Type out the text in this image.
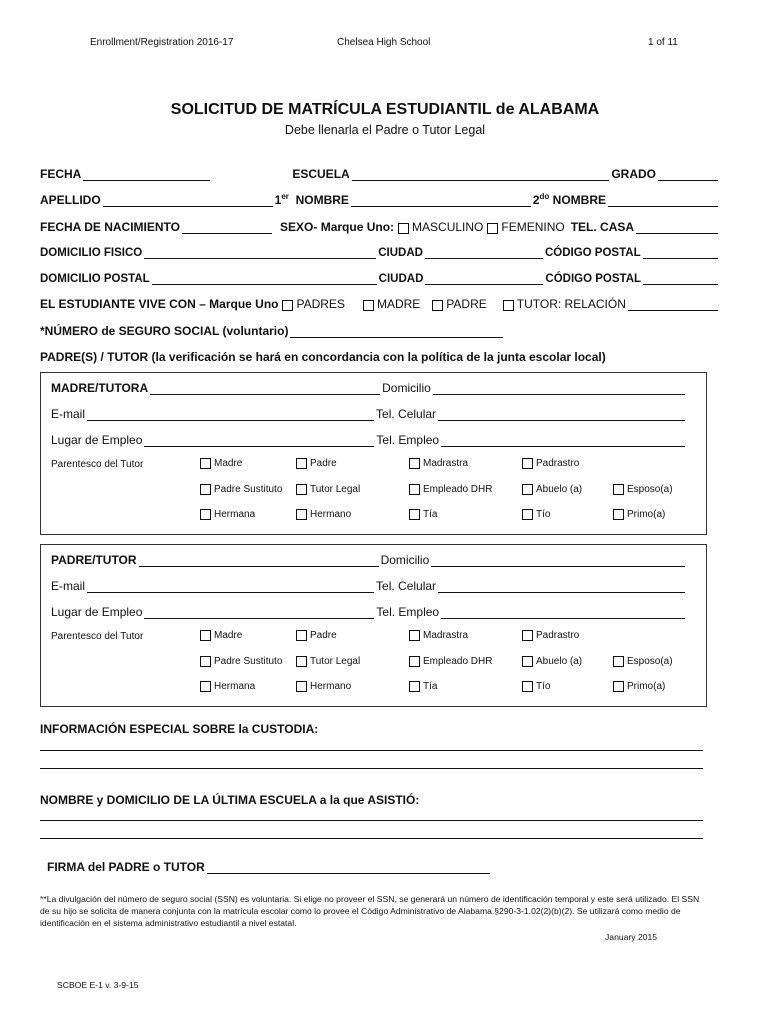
Enrollment/Registration 2016-17	Chelsea High School	1 of 11
SOLICITUD DE MATRÍCULA ESTUDIANTIL de ALABAMA
Debe llenarla el Padre o Tutor Legal
FECHA	ESCUELA	GRADO
APELLIDO	1er NOMBRE	$2^{do}$ NOMBRE
FECHA DE NACIMIENTO	SEXO- Marque Uno: MASCULINO FEMENINO TEL. CASA
DOMICILIO FISICO	CIUDAD	CÓDIGO POSTAL
DOMICILIO POSTAL	CIUDAD	CÓDIGO POSTAL
EL ESTUDIANTE VIVE CON – Marque Uno PADRES	MADRE PADRE	TUTOR: RELACIÓN
*NÚMERO de SEGURO SOCIAL (voluntario)
PADRE(S) / TUTOR (la verificación se hará en concordancia con la política de la junta escolar local)
MADRE/TUTORA	Domicilio
E-mail	Tel. Celular
Lugar de Empleo	Tel. Empleo
Parentesco del Tutor	Madre	Padre	Madrastra	Padrastro
Padre Sustituto	Tutor Legal	Empleado DHR	Abuelo (a)	Esposo(a)
Hermana	Hermano	Tía	Tío	Primo(a)
PADRE/TUTOR	Domicilio
E-mail	Tel. Celular
Lugar de Empleo	Tel. Empleo
Parentesco del Tutor	Madre	Padre	Madrastra	Padrastro
Padre Sustituto	Tutor Legal	Empleado DHR	Abuelo (a)	Esposo(a)
Hermana	Hermano	Tía	Tío	Primo(a)
INFORMACIÓN ESPECIAL SOBRE la CUSTODIA:
NOMBRE y DOMICILIO DE LA ÚLTIMA ESCUELA a la que ASISTIÓ:
FIRMA del PADRE o TUTOR
**La divulgación del número de seguro social (SSN) es voluntaria. Si elige no proveer el SSN, se generará un número de identificación temporal y este será utilizado. El SSN de su hijo se solicita de manera conjunta con la matrícula escolar como lo provee el Código Administrativo de Alabama.§290-3-1.02(2)(b)(2). Se utilizará como medio de identificación en el sistema administrativo estudiantil a nivel estatal.
January 2015
SCBOE E-1 v. 3-9-15
